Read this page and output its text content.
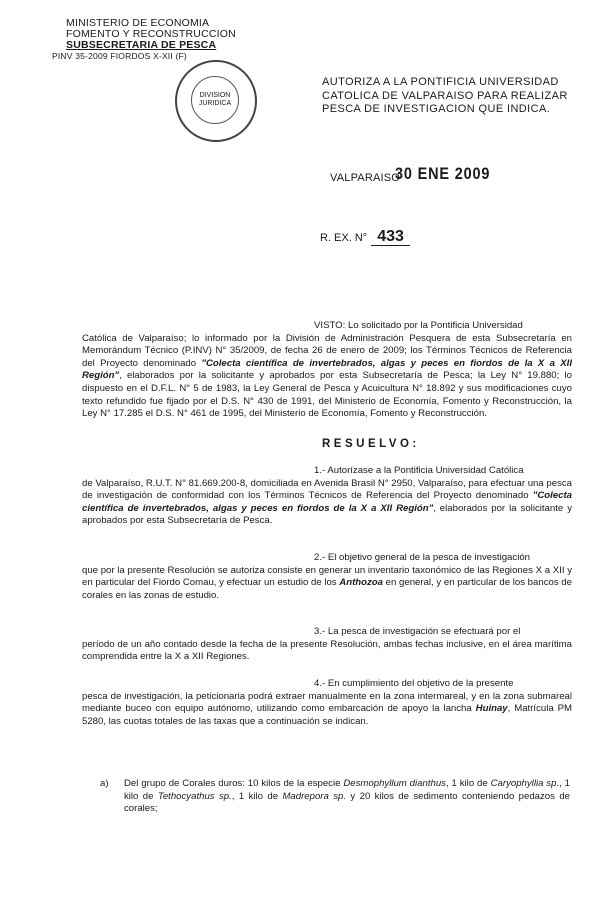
MINISTERIO DE ECONOMIA
FOMENTO Y RECONSTRUCCION
SUBSECRETARIA DE PESCA
PINV 35-2009 FIORDOS X-XII (F)
DIVISION
JURIDICA
AUTORIZA A LA PONTIFICIA UNIVERSIDAD CATOLICA DE VALPARAISO PARA REALIZAR PESCA DE INVESTIGACION QUE INDICA.
VALPARAISO
30 ENE 2009
R. EX. N° 433
VISTO: Lo solicitado por la Pontificia Universidad
Católica de Valparaíso; lo informado por la División de Administración Pesquera de esta Subsecretaría en Memorándum Técnico (P.INV) N° 35/2009, de fecha 26 de enero de 2009; los Términos Técnicos de Referencia del Proyecto denominado "Colecta científica de invertebrados, algas y peces en fiordos de la X a XII Región", elaborados por la solicitante y aprobados por esta Subsecretaría de Pesca; la Ley N° 19.880; lo dispuesto en el D.F.L. N° 5 de 1983, la Ley General de Pesca y Acuicultura N° 18.892 y sus modificaciones cuyo texto refundido fue fijado por el D.S. N° 430 de 1991, del Ministerio de Economía, Fomento y Reconstrucción, la Ley N° 17.285 el D.S. N° 461 de 1995, del Ministerio de Economía, Fomento y Reconstrucción.
RESUELVO:
1.- Autorízase a la Pontificia Universidad Católica
de Valparaíso, R.U.T. N° 81.669.200-8, domiciliada en Avenida Brasil N° 2950, Valparaíso, para efectuar una pesca de investigación de conformidad con los Términos Técnicos de Referencia del Proyecto denominado "Colecta científica de invertebrados, algas y peces en fiordos de la X a XII Región", elaborados por la solicitante y aprobados por esta Subsecretaría de Pesca.
2.- El objetivo general de la pesca de investigación
que por la presente Resolución se autoriza consiste en generar un inventario taxonómico de las Regiones X a XII y en particular del Fiordo Comau, y efectuar un estudio de los Anthozoa en general, y en particular de los bancos de corales en las zonas de estudio.
3.- La pesca de investigación se efectuará por el
período de un año contado desde la fecha de la presente Resolución, ambas fechas inclusive, en el área marítima comprendida entre la X a XII Regiones.
4.- En cumplimiento del objetivo de la presente
pesca de investigación, la peticionaria podrá extraer manualmente en la zona intermareal, y en la zona submareal mediante buceo con equipo autónomo, utilizando como embarcación de apoyo la lancha Huinay, Matrícula PM 5280, las cuotas totales de las taxas que a continuación se indican.
a) Del grupo de Corales duros: 10 kilos de la especie Desmophyllum dianthus, 1 kilo de Caryophyllia sp., 1 kilo de Tethocyathus sp., 1 kilo de Madrepora sp. y 20 kilos de sedimento conteniendo pedazos de corales;
